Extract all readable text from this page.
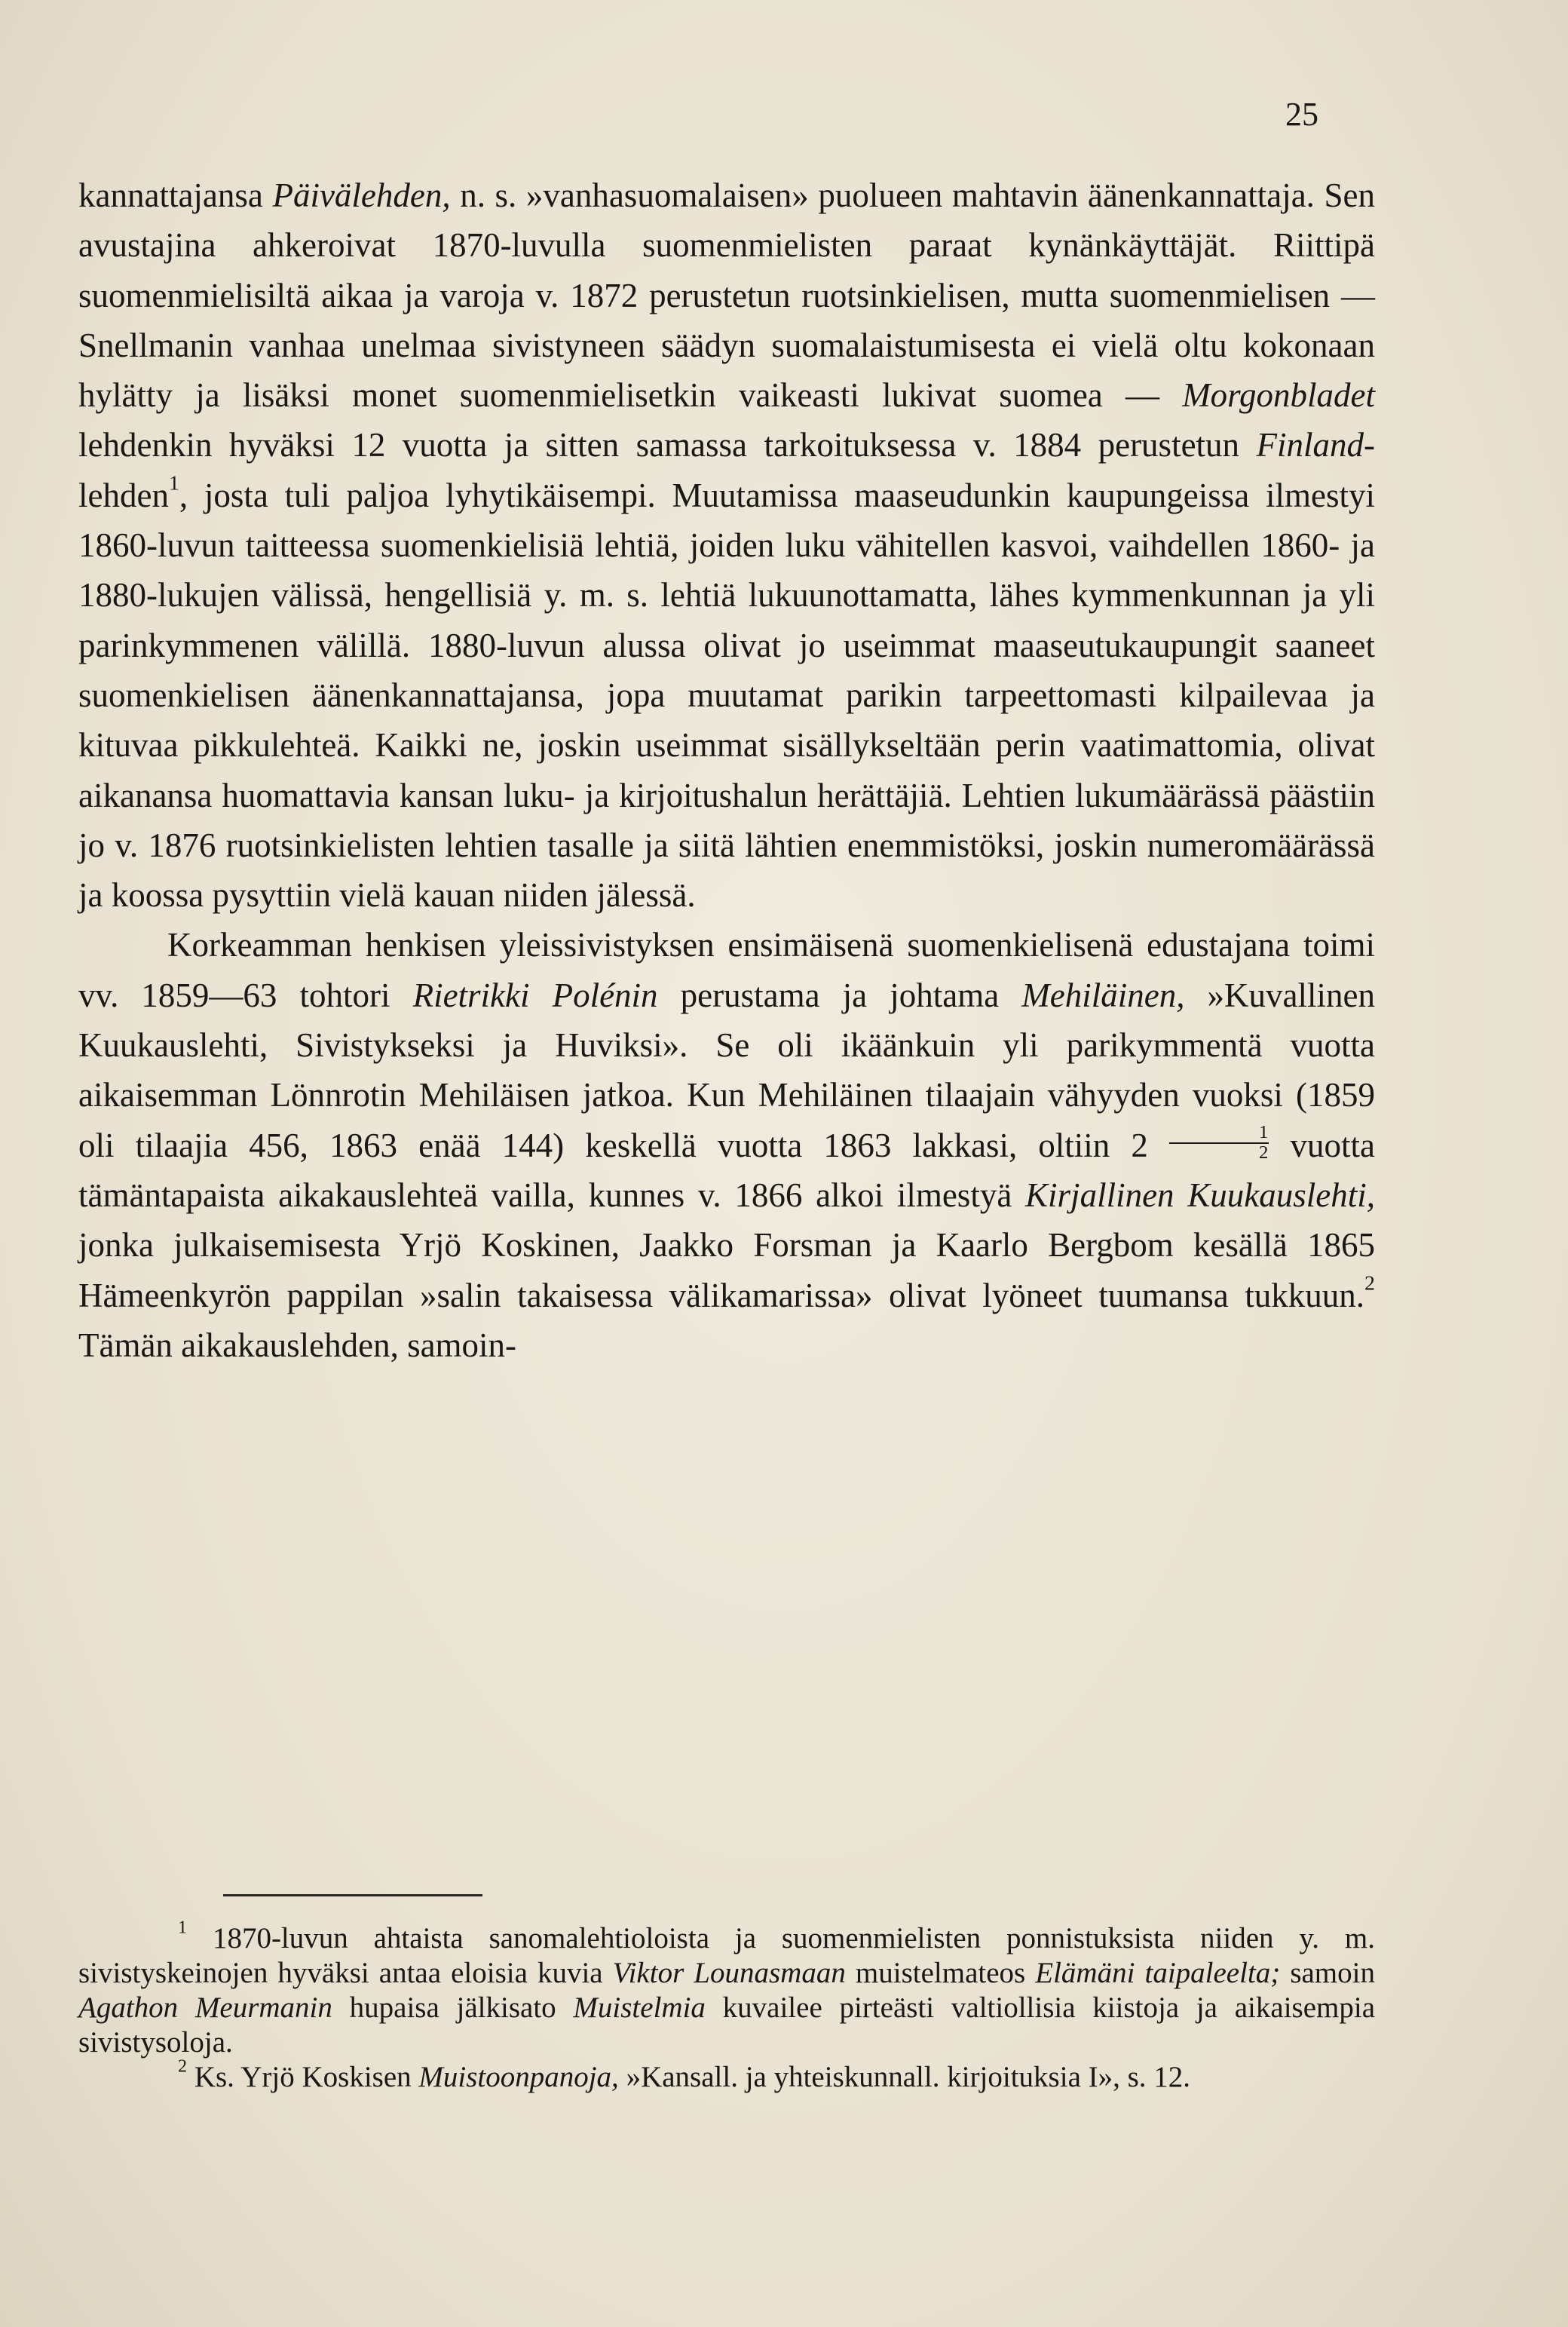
25

kannattajansa Päivälehden, n. s. »vanhasuomalaisen» puolueen mahtavin äänenkannattaja. Sen avustajina ahkeroivat 1870-luvulla suomenmielisten paraat kynänkäyttäjät. Riittipä suomenmielisiltä aikaa ja varoja v. 1872 perustetun ruotsinkielisen, mutta suomenmielisen — Snellmanin vanhaa unelmaa sivistyneen säädyn suomalaistumisesta ei vielä oltu kokonaan hylätty ja lisäksi monet suomenmielisetkin vaikeasti lukivat suomea — Morgonbladet lehdenkin hyväksi 12 vuotta ja sitten samassa tarkoituksessa v. 1884 perustetun Finland-lehden$^1$, josta tuli paljoa lyhytikäisempi. Muutamissa maaseudunkin kaupungeissa ilmestyi 1860-luvun taitteessa suomenkielisiä lehtiä, joiden luku vähitellen kasvoi, vaihdellen 1860- ja 1880-lukujen välissä, hengellisiä y. m. s. lehtiä lukuunottamatta, lähes kymmenkunnan ja yli parinkymmenen välillä. 1880-luvun alussa olivat jo useimmat maaseutukaupungit saaneet suomenkielisen äänenkannattajansa, jopa muutamat parikin tarpeettomasti kilpailevaa ja kituvaa pikkulehteä. Kaikki ne, joskin useimmat sisällykseltään perin vaatimattomia, olivat aikanansa huomattavia kansan luku- ja kirjoitushalun herättäjiä. Lehtien lukumäärässä päästiin jo v. 1876 ruotsinkielisten lehtien tasalle ja siitä lähtien enemmistöksi, joskin numeromäärässä ja koossa pysyttiin vielä kauan niiden jälessä.

Korkeamman henkisen yleissivistyksen ensimäisenä suomenkielisenä edustajana toimi vv. 1859—63 tohtori Rietrikki Polénin perustama ja johtama Mehiläinen, »Kuvallinen Kuukauslehti, Sivistykseksi ja Huviksi». Se oli ikäänkuin yli parikymmentä vuotta aikaisemman Lönnrotin Mehiläisen jatkoa. Kun Mehiläinen tilaajain vähyyden vuoksi (1859 oli tilaajia 456, 1863 enää 144) keskellä vuotta 1863 lakkasi, oltiin $2 \frac{1}{2}$ vuotta tämäntapaista aikakauslehteä vailla, kunnes v. 1866 alkoi ilmestyä Kirjallinen Kuukauslehti, jonka julkaisemisesta Yrjö Koskinen, Jaakko Forsman ja Kaarlo Bergbom kesällä 1865 Hämeenkyrön pappilan »salin takaisessa välikamarissa» olivat lyöneet tuumansa tukkuun.$^2$ Tämän aikakauslehden, samoin-

$^1$ 1870-luvun ahtaista sanomalehtioloista ja suomenmielisten ponnistuksista niiden y. m. sivistyskeinojen hyväksi antaa eloisia kuvia Viktor Lounasmaan muistelmateos Elämäni taipaleelta; samoin Agathon Meurmanin hupaisa jälkisato Muistelmia kuvailee pirteästi valtiollisia kiistoja ja aikaisempia sivistysoloja.

$^2$ Ks. Yrjö Koskisen Muistoonpanoja, »Kansall. ja yhteiskunnall. kirjoituksia I», s. 12.
